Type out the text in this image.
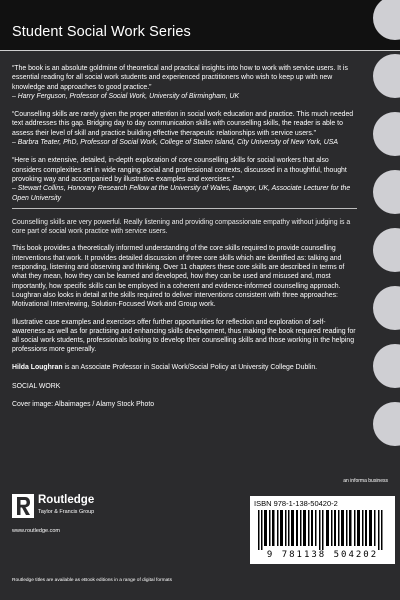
Student Social Work Series

“The book is an absolute goldmine of theoretical and practical insights into how to work with service users. It is essential reading for all social work students and experienced practitioners who wish to keep up with new knowledge and approaches to good practice.”
– Harry Ferguson, Professor of Social Work, University of Birmingham, UK

“Counselling skills are rarely given the proper attention in social work education and practice. This much needed text addresses this gap. Bridging day to day communication skills with counselling skills, the reader is able to assess their level of skill and practice building effective therapeutic relationships with service users.”
– Barbra Teater, PhD, Professor of Social Work, College of Staten Island, City University of New York, USA

“Here is an extensive, detailed, in-depth exploration of core counselling skills for social workers that also considers complexities set in wide ranging social and professional contexts, discussed in a thoughtful, thought provoking way and accompanied by illustrative examples and exercises.”
– Stewart Collins, Honorary Research Fellow at the University of Wales, Bangor, UK, Associate Lecturer for the Open University

Counselling skills are very powerful. Really listening and providing compassionate empathy without judging is a core part of social work practice with service users.

This book provides a theoretically informed understanding of the core skills required to provide counselling interventions that work. It provides detailed discussion of three core skills which are identified as: talking and responding, listening and observing and thinking. Over 11 chapters these core skills are described in terms of what they mean, how they can be learned and developed, how they can be used and misused and, most importantly, how specific skills can be employed in a coherent and evidence-informed counselling approach. Loughran also looks in detail at the skills required to deliver interventions consistent with three approaches: Motivational Interviewing, Solution-Focused Work and Group work.

Illustrative case examples and exercises offer further opportunities for reflection and exploration of self-awareness as well as for practising and enhancing skills development, thus making the book required reading for all social work students, professionals looking to develop their counselling skills and those working in the helping professions more generally.

Hilda Loughran is an Associate Professor in Social Work/Social Policy at University College Dublin.

SOCIAL WORK

Cover image: Albaimages / Alamy Stock Photo

an informa business
Routledge
Taylor & Francis Group
www.routledge.com
Routledge titles are available as eBook editions in a range of digital formats
ISBN 978-1-138-50420-2
9 781138 504202
